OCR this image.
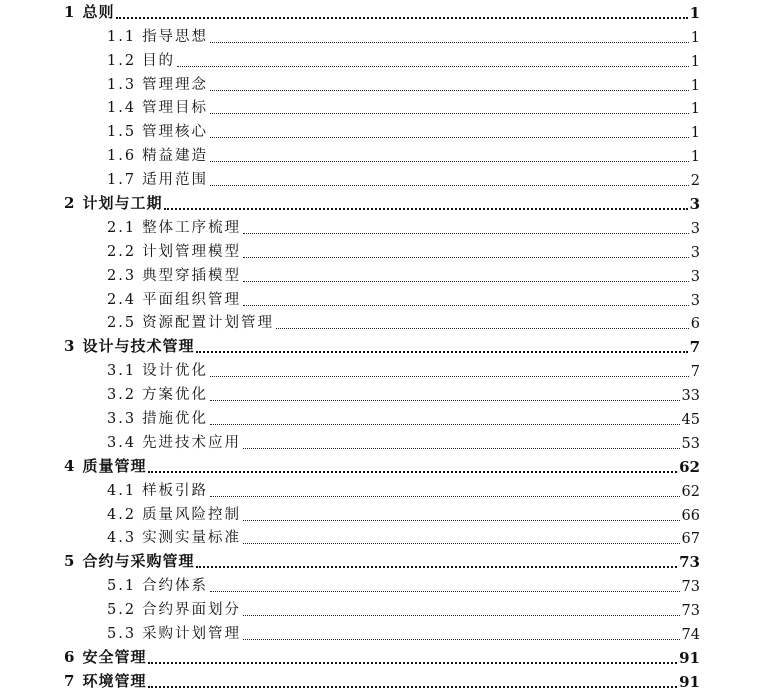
1 总则	1
1.1 指导思想	1
1.2 目的	1
1.3 管理理念	1
1.4 管理目标	1
1.5 管理核心	1
1.6 精益建造	1
1.7 适用范围	2
2 计划与工期	3
2.1 整体工序梳理	3
2.2 计划管理模型	3
2.3 典型穿插模型	3
2.4 平面组织管理	3
2.5 资源配置计划管理	6
3 设计与技术管理	7
3.1 设计优化	7
3.2 方案优化	33
3.3 措施优化	45
3.4 先进技术应用	53
4 质量管理	62
4.1 样板引路	62
4.2 质量风险控制	66
4.3 实测实量标准	67
5 合约与采购管理	73
5.1 合约体系	73
5.2 合约界面划分	73
5.3 采购计划管理	74
6 安全管理	91
7 环境管理	91
